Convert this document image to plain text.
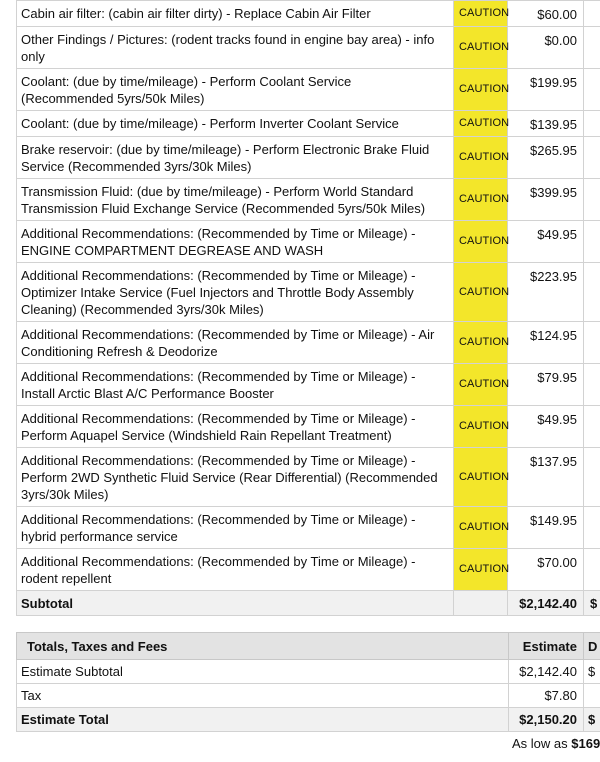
Cabin air filter: (cabin air filter dirty) - Replace Cabin Air Filter	CAUTION	$60.00	
Other Findings / Pictures: (rodent tracks found in engine bay area) - info only	CAUTION	$0.00	
Coolant: (due by time/mileage) - Perform Coolant Service (Recommended 5yrs/50k Miles)	CAUTION	$199.95	
Coolant: (due by time/mileage) - Perform Inverter Coolant Service	CAUTION	$139.95	
Brake reservoir: (due by time/mileage) - Perform Electronic Brake Fluid Service (Recommended 3yrs/30k Miles)	CAUTION	$265.95	
Transmission Fluid: (due by time/mileage) - Perform World Standard Transmission Fluid Exchange Service (Recommended 5yrs/50k Miles)	CAUTION	$399.95	
Additional Recommendations: (Recommended by Time or Mileage) - ENGINE COMPARTMENT DEGREASE AND WASH	CAUTION	$49.95	
Additional Recommendations: (Recommended by Time or Mileage) - Optimizer Intake Service (Fuel Injectors and Throttle Body Assembly Cleaning) (Recommended 3yrs/30k Miles)	CAUTION	$223.95	
Additional Recommendations: (Recommended by Time or Mileage) - Air Conditioning Refresh & Deodorize	CAUTION	$124.95	
Additional Recommendations: (Recommended by Time or Mileage) - Install Arctic Blast A/C Performance Booster	CAUTION	$79.95	
Additional Recommendations: (Recommended by Time or Mileage) - Perform Aquapel Service (Windshield Rain Repellant Treatment)	CAUTION	$49.95	
Additional Recommendations: (Recommended by Time or Mileage) - Perform 2WD Synthetic Fluid Service (Rear Differential) (Recommended 3yrs/30k Miles)	CAUTION	$137.95	
Additional Recommendations: (Recommended by Time or Mileage) - hybrid performance service	CAUTION	$149.95	
Additional Recommendations: (Recommended by Time or Mileage) - rodent repellent	CAUTION	$70.00	
Subtotal		$2,142.40	$
Totals, Taxes and Fees	Estimate	D
Estimate Subtotal	$2,142.40	$
Tax	$7.80	
Estimate Total	$2,150.20	$
As low as $169
